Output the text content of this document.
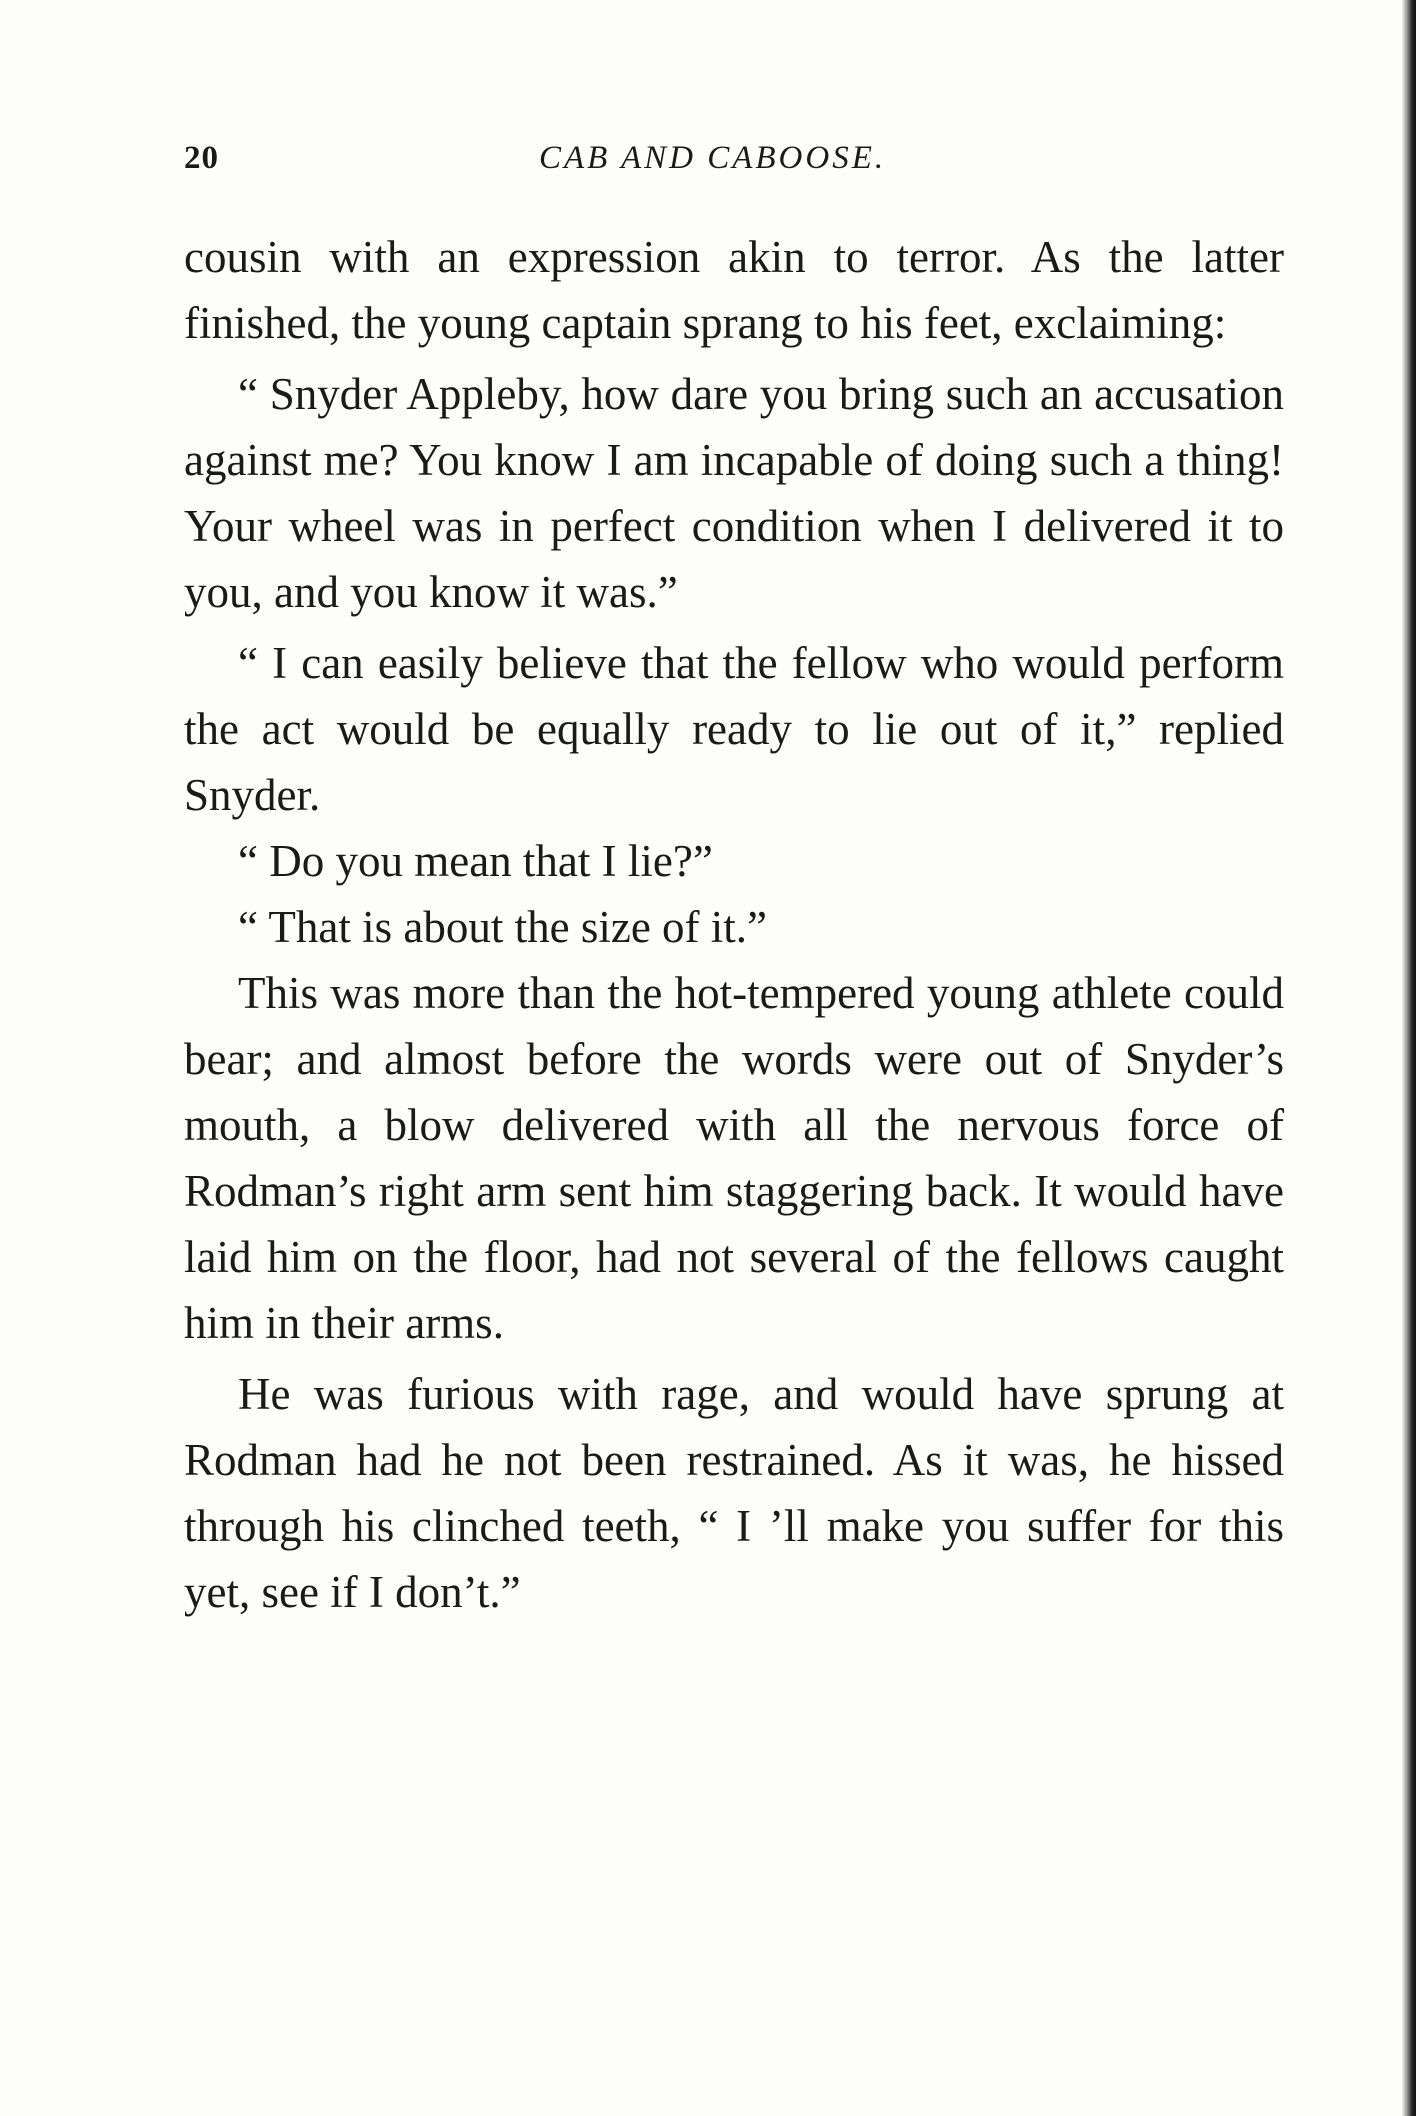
20	CAB AND CABOOSE.

cousin with an expression akin to terror. As the latter finished, the young captain sprang to his feet, exclaiming:

“ Snyder Appleby, how dare you bring such an accusation against me? You know I am incapable of doing such a thing! Your wheel was in perfect condition when I delivered it to you, and you know it was.”

“ I can easily believe that the fellow who would perform the act would be equally ready to lie out of it,” replied Snyder.

“ Do you mean that I lie?”

“ That is about the size of it.”

This was more than the hot-tempered young athlete could bear; and almost before the words were out of Snyder’s mouth, a blow delivered with all the nervous force of Rodman’s right arm sent him staggering back. It would have laid him on the floor, had not several of the fellows caught him in their arms.

He was furious with rage, and would have sprung at Rodman had he not been restrained. As it was, he hissed through his clinched teeth, “ I ’ll make you suffer for this yet, see if I don’t.”
